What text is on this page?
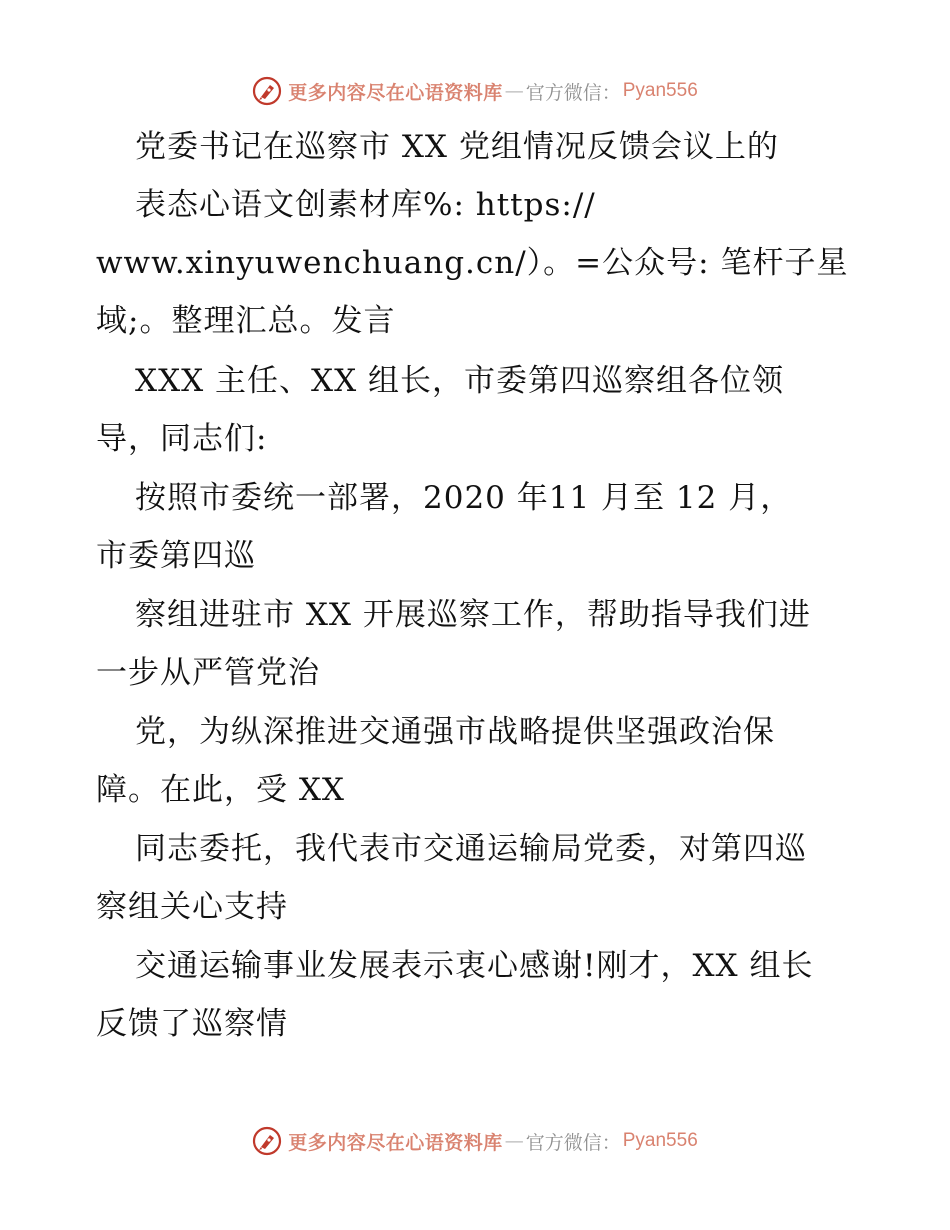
更多内容尽在心语资料库 — 官方微信： Pyan556
党委书记在巡察市 XX 党组情况反馈会议上的
表态心语文创素材库%: https://
www.xinyuwenchuang.cn/）。=公众号: 笔杆子星
域;。整理汇总。发言
XXX 主任、XX 组长，市委第四巡察组各位领
导，同志们:
按照市委统一部署，2020 年11 月至 12 月，
市委第四巡
察组进驻市 XX 开展巡察工作，帮助指导我们进
一步从严管党治
党，为纵深推进交通强市战略提供坚强政治保
障。在此，受 XX
同志委托，我代表市交通运输局党委，对第四巡
察组关心支持
交通运输事业发展表示衷心感谢!刚才，XX 组长
反馈了巡察情
更多内容尽在心语资料库 — 官方微信： Pyan556
